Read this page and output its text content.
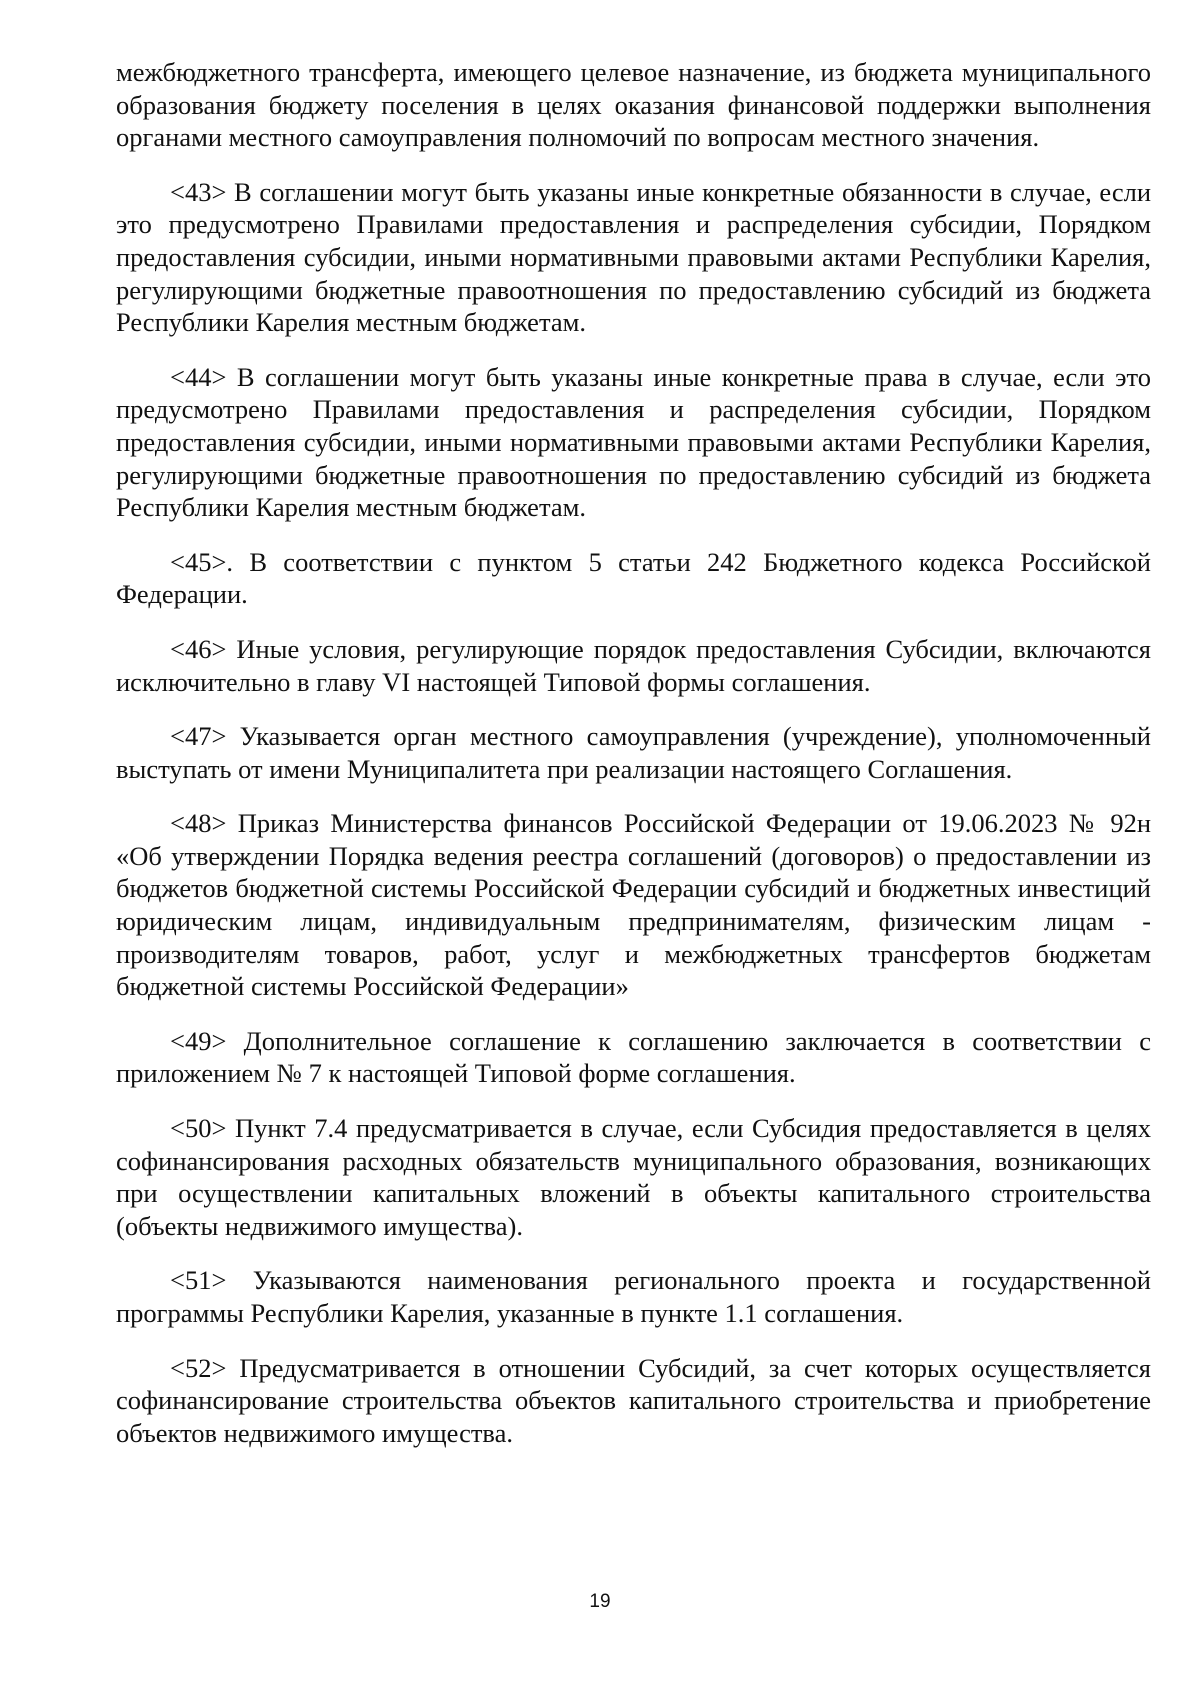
межбюджетного трансферта, имеющего целевое назначение, из бюджета муниципального образования бюджету поселения в целях оказания финансовой поддержки выполнения органами местного самоуправления полномочий по вопросам местного значения.

<43> В соглашении могут быть указаны иные конкретные обязанности в случае, если это предусмотрено Правилами предоставления и распределения субсидии, Порядком предоставления субсидии, иными нормативными правовыми актами Республики Карелия, регулирующими бюджетные правоотношения по предоставлению субсидий из бюджета Республики Карелия местным бюджетам.

<44> В соглашении могут быть указаны иные конкретные права в случае, если это предусмотрено Правилами предоставления и распределения субсидии, Порядком предоставления субсидии, иными нормативными правовыми актами Республики Карелия, регулирующими бюджетные правоотношения по предоставлению субсидий из бюджета Республики Карелия местным бюджетам.

<45>. В соответствии с пунктом 5 статьи 242 Бюджетного кодекса Российской Федерации.

<46> Иные условия, регулирующие порядок предоставления Субсидии, включаются исключительно в главу VI настоящей Типовой формы соглашения.

<47> Указывается орган местного самоуправления (учреждение), уполномоченный выступать от имени Муниципалитета при реализации настоящего Соглашения.

<48> Приказ Министерства финансов Российской Федерации от 19.06.2023 № 92н «Об утверждении Порядка ведения реестра соглашений (договоров) о предоставлении из бюджетов бюджетной системы Российской Федерации субсидий и бюджетных инвестиций юридическим лицам, индивидуальным предпринимателям, физическим лицам - производителям товаров, работ, услуг и межбюджетных трансфертов бюджетам бюджетной системы Российской Федерации»

<49> Дополнительное соглашение к соглашению заключается в соответствии с приложением № 7 к настоящей Типовой форме соглашения.

<50> Пункт 7.4 предусматривается в случае, если Субсидия предоставляется в целях софинансирования расходных обязательств муниципального образования, возникающих при осуществлении капитальных вложений в объекты капитального строительства (объекты недвижимого имущества).

<51> Указываются наименования регионального проекта и государственной программы Республики Карелия, указанные в пункте 1.1 соглашения.

<52> Предусматривается в отношении Субсидий, за счет которых осуществляется софинансирование строительства объектов капитального строительства и приобретение объектов недвижимого имущества.

19
